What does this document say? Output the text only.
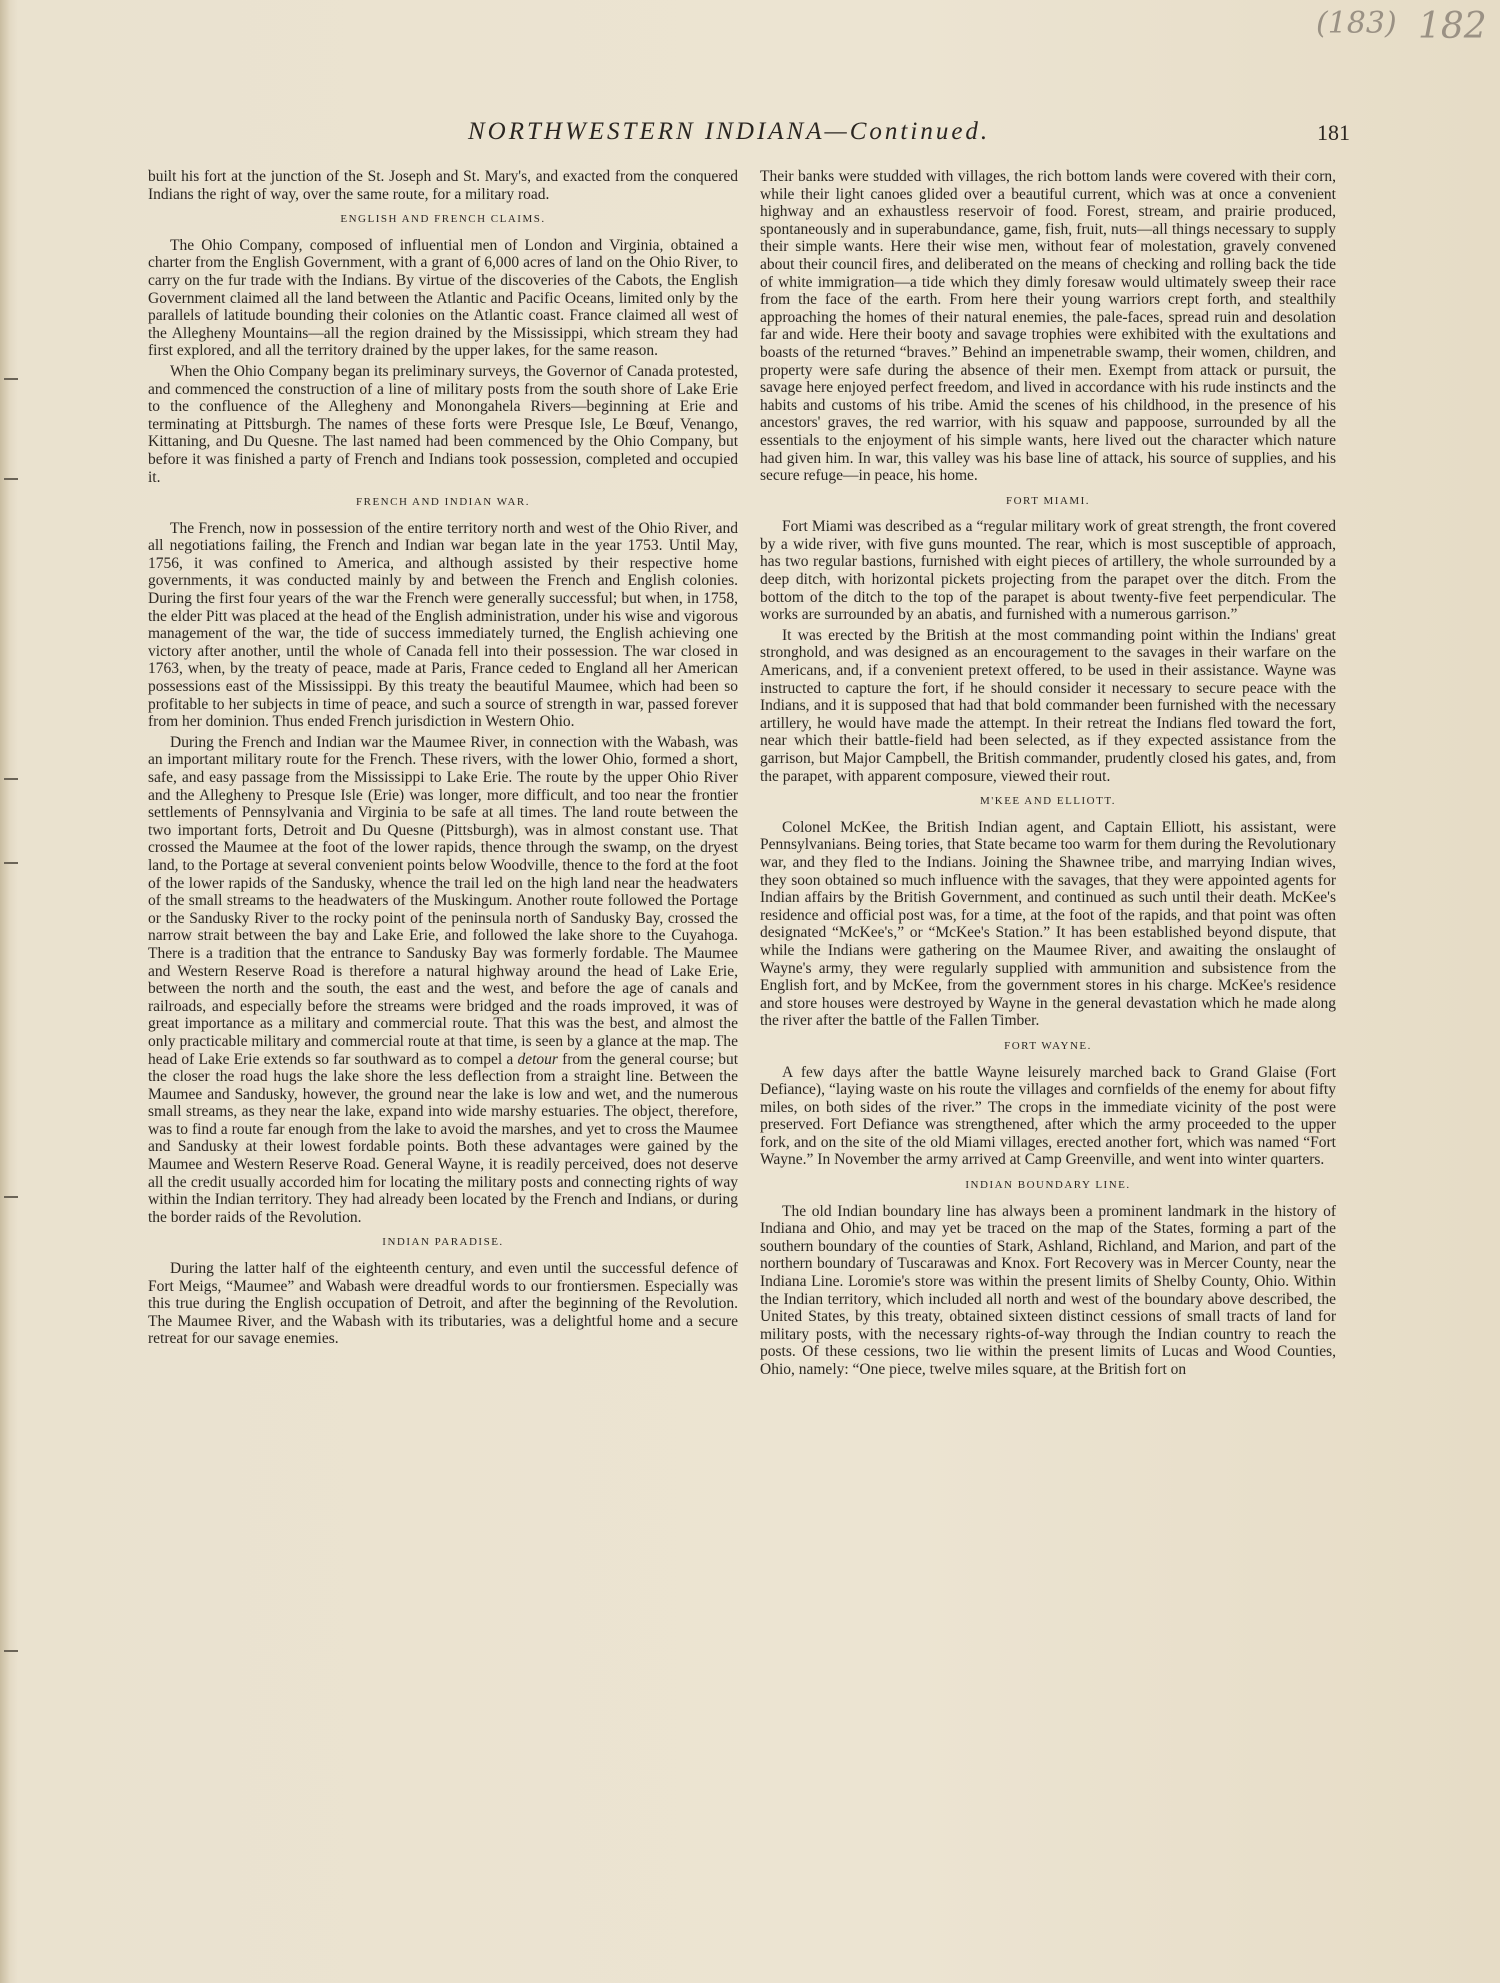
(183) 182
NORTHWESTERN INDIANA—Continued.	181

built his fort at the junction of the St. Joseph and St. Mary's, and exacted from the conquered Indians the right of way, over the same route, for a military road.

ENGLISH AND FRENCH CLAIMS.

The Ohio Company, composed of influential men of London and Virginia, obtained a charter from the English Government, with a grant of 6,000 acres of land on the Ohio River, to carry on the fur trade with the Indians. By virtue of the discoveries of the Cabots, the English Government claimed all the land between the Atlantic and Pacific Oceans, limited only by the parallels of latitude bounding their colonies on the Atlantic coast. France claimed all west of the Allegheny Mountains—all the region drained by the Mississippi, which stream they had first explored, and all the territory drained by the upper lakes, for the same reason.

When the Ohio Company began its preliminary surveys, the Governor of Canada protested, and commenced the construction of a line of military posts from the south shore of Lake Erie to the confluence of the Allegheny and Monongahela Rivers—beginning at Erie and terminating at Pittsburgh. The names of these forts were Presque Isle, Le Bœuf, Venango, Kittaning, and Du Quesne. The last named had been commenced by the Ohio Company, but before it was finished a party of French and Indians took possession, completed and occupied it.

FRENCH AND INDIAN WAR.

The French, now in possession of the entire territory north and west of the Ohio River, and all negotiations failing, the French and Indian war began late in the year 1753. Until May, 1756, it was confined to America, and although assisted by their respective home governments, it was conducted mainly by and between the French and English colonies. During the first four years of the war the French were generally successful; but when, in 1758, the elder Pitt was placed at the head of the English administration, under his wise and vigorous management of the war, the tide of success immediately turned, the English achieving one victory after another, until the whole of Canada fell into their possession. The war closed in 1763, when, by the treaty of peace, made at Paris, France ceded to England all her American possessions east of the Mississippi. By this treaty the beautiful Maumee, which had been so profitable to her subjects in time of peace, and such a source of strength in war, passed forever from her dominion. Thus ended French jurisdiction in Western Ohio.

During the French and Indian war the Maumee River, in connection with the Wabash, was an important military route for the French. These rivers, with the lower Ohio, formed a short, safe, and easy passage from the Mississippi to Lake Erie. The route by the upper Ohio River and the Allegheny to Presque Isle (Erie) was longer, more difficult, and too near the frontier settlements of Pennsylvania and Virginia to be safe at all times. The land route between the two important forts, Detroit and Du Quesne (Pittsburgh), was in almost constant use. That crossed the Maumee at the foot of the lower rapids, thence through the swamp, on the dryest land, to the Portage at several convenient points below Woodville, thence to the ford at the foot of the lower rapids of the Sandusky, whence the trail led on the high land near the headwaters of the small streams to the headwaters of the Muskingum. Another route followed the Portage or the Sandusky River to the rocky point of the peninsula north of Sandusky Bay, crossed the narrow strait between the bay and Lake Erie, and followed the lake shore to the Cuyahoga. There is a tradition that the entrance to Sandusky Bay was formerly fordable. The Maumee and Western Reserve Road is therefore a natural highway around the head of Lake Erie, between the north and the south, the east and the west, and before the age of canals and railroads, and especially before the streams were bridged and the roads improved, it was of great importance as a military and commercial route. That this was the best, and almost the only practicable military and commercial route at that time, is seen by a glance at the map. The head of Lake Erie extends so far southward as to compel a detour from the general course; but the closer the road hugs the lake shore the less deflection from a straight line. Between the Maumee and Sandusky, however, the ground near the lake is low and wet, and the numerous small streams, as they near the lake, expand into wide marshy estuaries. The object, therefore, was to find a route far enough from the lake to avoid the marshes, and yet to cross the Maumee and Sandusky at their lowest fordable points. Both these advantages were gained by the Maumee and Western Reserve Road. General Wayne, it is readily perceived, does not deserve all the credit usually accorded him for locating the military posts and connecting rights of way within the Indian territory. They had already been located by the French and Indians, or during the border raids of the Revolution.

INDIAN PARADISE.

During the latter half of the eighteenth century, and even until the successful defence of Fort Meigs, “Maumee” and Wabash were dreadful words to our frontiersmen. Especially was this true during the English occupation of Detroit, and after the beginning of the Revolution. The Maumee River, and the Wabash with its tributaries, was a delightful home and a secure retreat for our savage enemies.

Their banks were studded with villages, the rich bottom lands were covered with their corn, while their light canoes glided over a beautiful current, which was at once a convenient highway and an exhaustless reservoir of food. Forest, stream, and prairie produced, spontaneously and in superabundance, game, fish, fruit, nuts—all things necessary to supply their simple wants. Here their wise men, without fear of molestation, gravely convened about their council fires, and deliberated on the means of checking and rolling back the tide of white immigration—a tide which they dimly foresaw would ultimately sweep their race from the face of the earth. From here their young warriors crept forth, and stealthily approaching the homes of their natural enemies, the pale-faces, spread ruin and desolation far and wide. Here their booty and savage trophies were exhibited with the exultations and boasts of the returned “braves.” Behind an impenetrable swamp, their women, children, and property were safe during the absence of their men. Exempt from attack or pursuit, the savage here enjoyed perfect freedom, and lived in accordance with his rude instincts and the habits and customs of his tribe. Amid the scenes of his childhood, in the presence of his ancestors' graves, the red warrior, with his squaw and pappoose, surrounded by all the essentials to the enjoyment of his simple wants, here lived out the character which nature had given him. In war, this valley was his base line of attack, his source of supplies, and his secure refuge—in peace, his home.

FORT MIAMI.

Fort Miami was described as a “regular military work of great strength, the front covered by a wide river, with five guns mounted. The rear, which is most susceptible of approach, has two regular bastions, furnished with eight pieces of artillery, the whole surrounded by a deep ditch, with horizontal pickets projecting from the parapet over the ditch. From the bottom of the ditch to the top of the parapet is about twenty-five feet perpendicular. The works are surrounded by an abatis, and furnished with a numerous garrison.”

It was erected by the British at the most commanding point within the Indians' great stronghold, and was designed as an encouragement to the savages in their warfare on the Americans, and, if a convenient pretext offered, to be used in their assistance. Wayne was instructed to capture the fort, if he should consider it necessary to secure peace with the Indians, and it is supposed that had that bold commander been furnished with the necessary artillery, he would have made the attempt. In their retreat the Indians fled toward the fort, near which their battle-field had been selected, as if they expected assistance from the garrison, but Major Campbell, the British commander, prudently closed his gates, and, from the parapet, with apparent composure, viewed their rout.

M'KEE AND ELLIOTT.

Colonel McKee, the British Indian agent, and Captain Elliott, his assistant, were Pennsylvanians. Being tories, that State became too warm for them during the Revolutionary war, and they fled to the Indians. Joining the Shawnee tribe, and marrying Indian wives, they soon obtained so much influence with the savages, that they were appointed agents for Indian affairs by the British Government, and continued as such until their death. McKee's residence and official post was, for a time, at the foot of the rapids, and that point was often designated “McKee's,” or “McKee's Station.” It has been established beyond dispute, that while the Indians were gathering on the Maumee River, and awaiting the onslaught of Wayne's army, they were regularly supplied with ammunition and subsistence from the English fort, and by McKee, from the government stores in his charge. McKee's residence and store houses were destroyed by Wayne in the general devastation which he made along the river after the battle of the Fallen Timber.

FORT WAYNE.

A few days after the battle Wayne leisurely marched back to Grand Glaise (Fort Defiance), “laying waste on his route the villages and cornfields of the enemy for about fifty miles, on both sides of the river.” The crops in the immediate vicinity of the post were preserved. Fort Defiance was strengthened, after which the army proceeded to the upper fork, and on the site of the old Miami villages, erected another fort, which was named “Fort Wayne.” In November the army arrived at Camp Greenville, and went into winter quarters.

INDIAN BOUNDARY LINE.

The old Indian boundary line has always been a prominent landmark in the history of Indiana and Ohio, and may yet be traced on the map of the States, forming a part of the southern boundary of the counties of Stark, Ashland, Richland, and Marion, and part of the northern boundary of Tuscarawas and Knox. Fort Recovery was in Mercer County, near the Indiana Line. Loromie's store was within the present limits of Shelby County, Ohio. Within the Indian territory, which included all north and west of the boundary above described, the United States, by this treaty, obtained sixteen distinct cessions of small tracts of land for military posts, with the necessary rights-of-way through the Indian country to reach the posts. Of these cessions, two lie within the present limits of Lucas and Wood Counties, Ohio, namely: “One piece, twelve miles square, at the British fort on
